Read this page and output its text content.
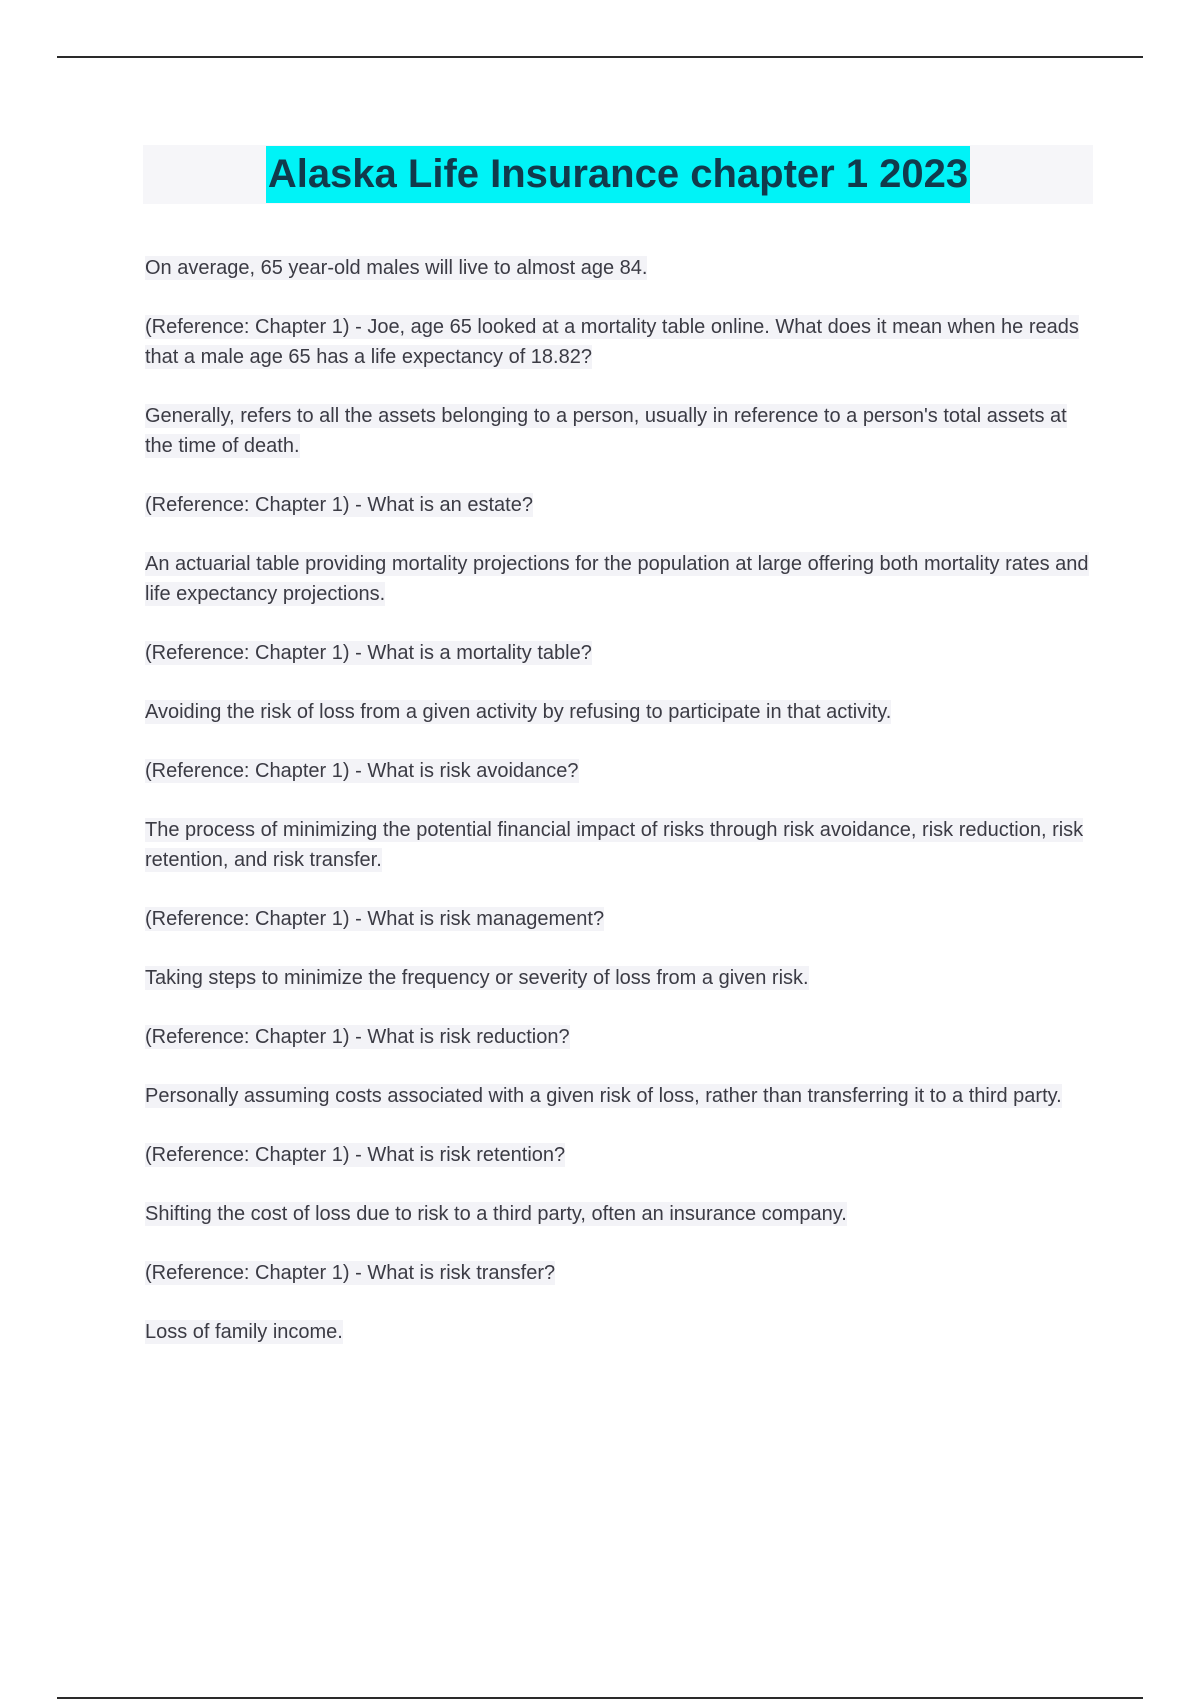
Alaska Life Insurance chapter 1 2023

On average, 65 year-old males will live to almost age 84.

(Reference: Chapter 1) - Joe, age 65 looked at a mortality table online. What does it mean when he reads that a male age 65 has a life expectancy of 18.82?

Generally, refers to all the assets belonging to a person, usually in reference to a person's total assets at the time of death.

(Reference: Chapter 1) - What is an estate?

An actuarial table providing mortality projections for the population at large offering both mortality rates and life expectancy projections.

(Reference: Chapter 1) - What is a mortality table?

Avoiding the risk of loss from a given activity by refusing to participate in that activity.

(Reference: Chapter 1) - What is risk avoidance?

The process of minimizing the potential financial impact of risks through risk avoidance, risk reduction, risk retention, and risk transfer.

(Reference: Chapter 1) - What is risk management?

Taking steps to minimize the frequency or severity of loss from a given risk.

(Reference: Chapter 1) - What is risk reduction?

Personally assuming costs associated with a given risk of loss, rather than transferring it to a third party.

(Reference: Chapter 1) - What is risk retention?

Shifting the cost of loss due to risk to a third party, often an insurance company.

(Reference: Chapter 1) - What is risk transfer?

Loss of family income.
